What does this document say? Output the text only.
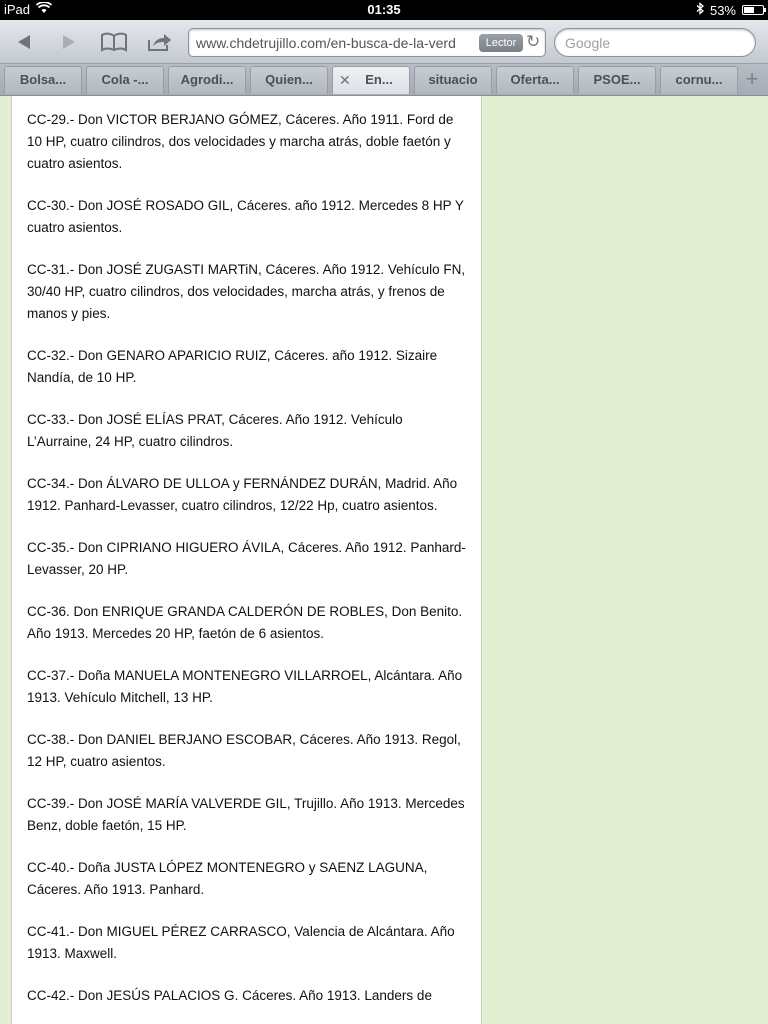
iPad	01:35	53%
www.chdetrujillo.com/en-busca-de-la-verd	Lector ↻
Google
Bolsa...	Cola -...	Agrodi...	Quien...	✕ En...	situacio	Oferta...	PSOE...	cornu...	+

CC-29.- Don VICTOR BERJANO GÓMEZ, Cáceres. Año 1911. Ford de 10 HP, cuatro cilindros, dos velocidades y marcha atrás, doble faetón y cuatro asientos.

CC-30.- Don JOSÉ ROSADO GIL, Cáceres. año 1912. Mercedes 8 HP Y cuatro asientos.

CC-31.- Don JOSÉ ZUGASTI MARTiN, Cáceres. Año 1912. Vehículo FN, 30/40 HP, cuatro cilindros, dos velocidades, marcha atrás, y frenos de manos y pies.

CC-32.- Don GENARO APARICIO RUIZ, Cáceres. año 1912. Sizaire Nandía, de 10 HP.

CC-33.- Don JOSÉ ELÍAS PRAT, Cáceres. Año 1912. Vehículo L’Aurraine, 24 HP, cuatro cilindros.

CC-34.- Don ÁLVARO DE ULLOA y FERNÁNDEZ DURÁN, Madrid. Año 1912. Panhard-Levasser, cuatro cilindros, 12/22 Hp, cuatro asientos.

CC-35.- Don CIPRIANO HIGUERO ÁVILA, Cáceres. Año 1912. Panhard-Levasser, 20 HP.

CC-36. Don ENRIQUE GRANDA CALDERÓN DE ROBLES, Don Benito. Año 1913. Mercedes 20 HP, faetón de 6 asientos.

CC-37.- Doña MANUELA MONTENEGRO VILLARROEL, Alcántara. Año 1913. Vehículo Mitchell, 13 HP.

CC-38.- Don DANIEL BERJANO ESCOBAR, Cáceres. Año 1913. Regol, 12 HP, cuatro asientos.

CC-39.- Don JOSÉ MARÍA VALVERDE GIL, Trujillo. Año 1913. Mercedes Benz, doble faetón, 15 HP.

CC-40.- Doña JUSTA LÓPEZ MONTENEGRO y SAENZ LAGUNA, Cáceres. Año 1913. Panhard.

CC-41.- Don MIGUEL PÉREZ CARRASCO, Valencia de Alcántara. Año 1913. Maxwell.

CC-42.- Don JESÚS PALACIOS G. Cáceres. Año 1913. Landers de
